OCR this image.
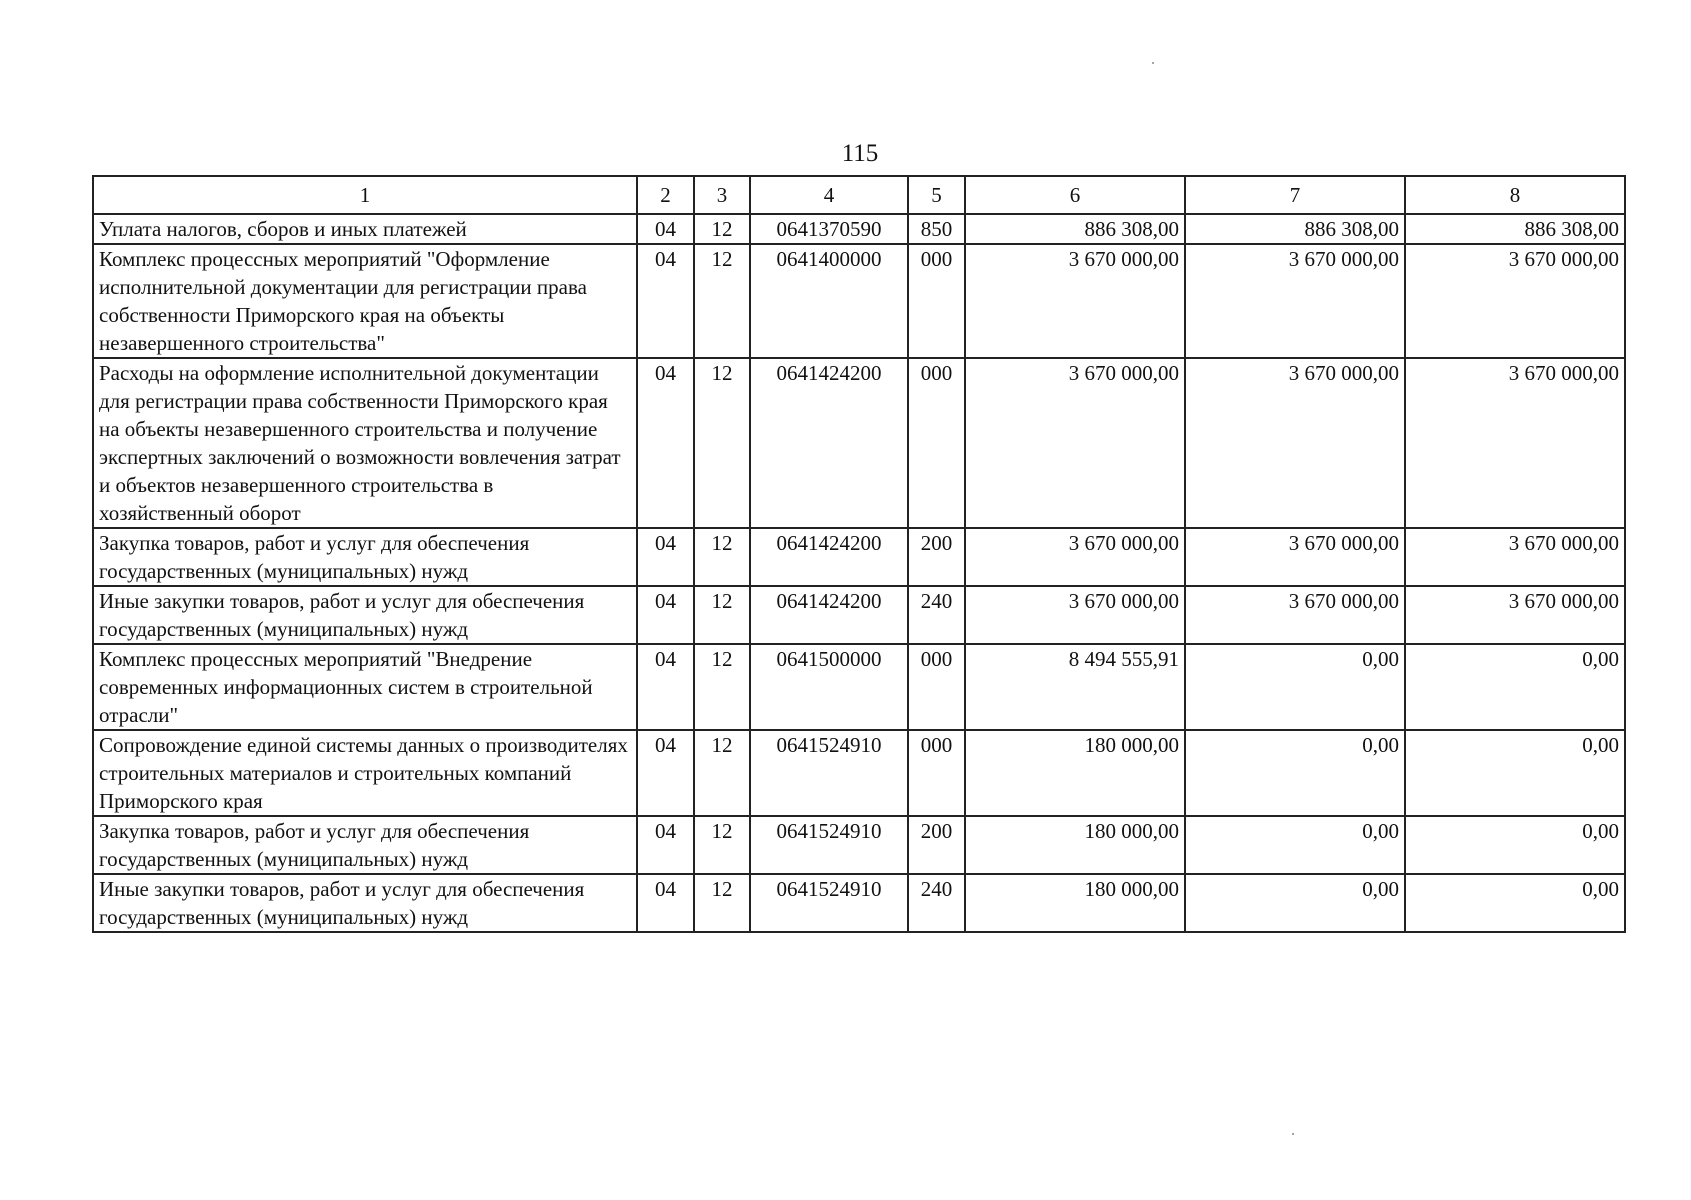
115
1	2	3	4	5	6	7	8
Уплата налогов, сборов и иных платежей	04	12	0641370590	850	886 308,00	886 308,00	886 308,00
Комплекс процессных мероприятий "Оформление исполнительной документации для регистрации права собственности Приморского края на объекты незавершенного строительства"	04	12	0641400000	000	3 670 000,00	3 670 000,00	3 670 000,00
Расходы на оформление исполнительной документации для регистрации права собственности Приморского края на объекты незавершенного строительства и получение экспертных заключений о возможности вовлечения затрат и объектов незавершенного строительства в хозяйственный оборот	04	12	0641424200	000	3 670 000,00	3 670 000,00	3 670 000,00
Закупка товаров, работ и услуг для обеспечения государственных (муниципальных) нужд	04	12	0641424200	200	3 670 000,00	3 670 000,00	3 670 000,00
Иные закупки товаров, работ и услуг для обеспечения государственных (муниципальных) нужд	04	12	0641424200	240	3 670 000,00	3 670 000,00	3 670 000,00
Комплекс процессных мероприятий "Внедрение современных информационных систем в строительной отрасли"	04	12	0641500000	000	8 494 555,91	0,00	0,00
Сопровождение единой системы данных о производителях строительных материалов и строительных компаний Приморского края	04	12	0641524910	000	180 000,00	0,00	0,00
Закупка товаров, работ и услуг для обеспечения государственных (муниципальных) нужд	04	12	0641524910	200	180 000,00	0,00	0,00
Иные закупки товаров, работ и услуг для обеспечения государственных (муниципальных) нужд	04	12	0641524910	240	180 000,00	0,00	0,00
